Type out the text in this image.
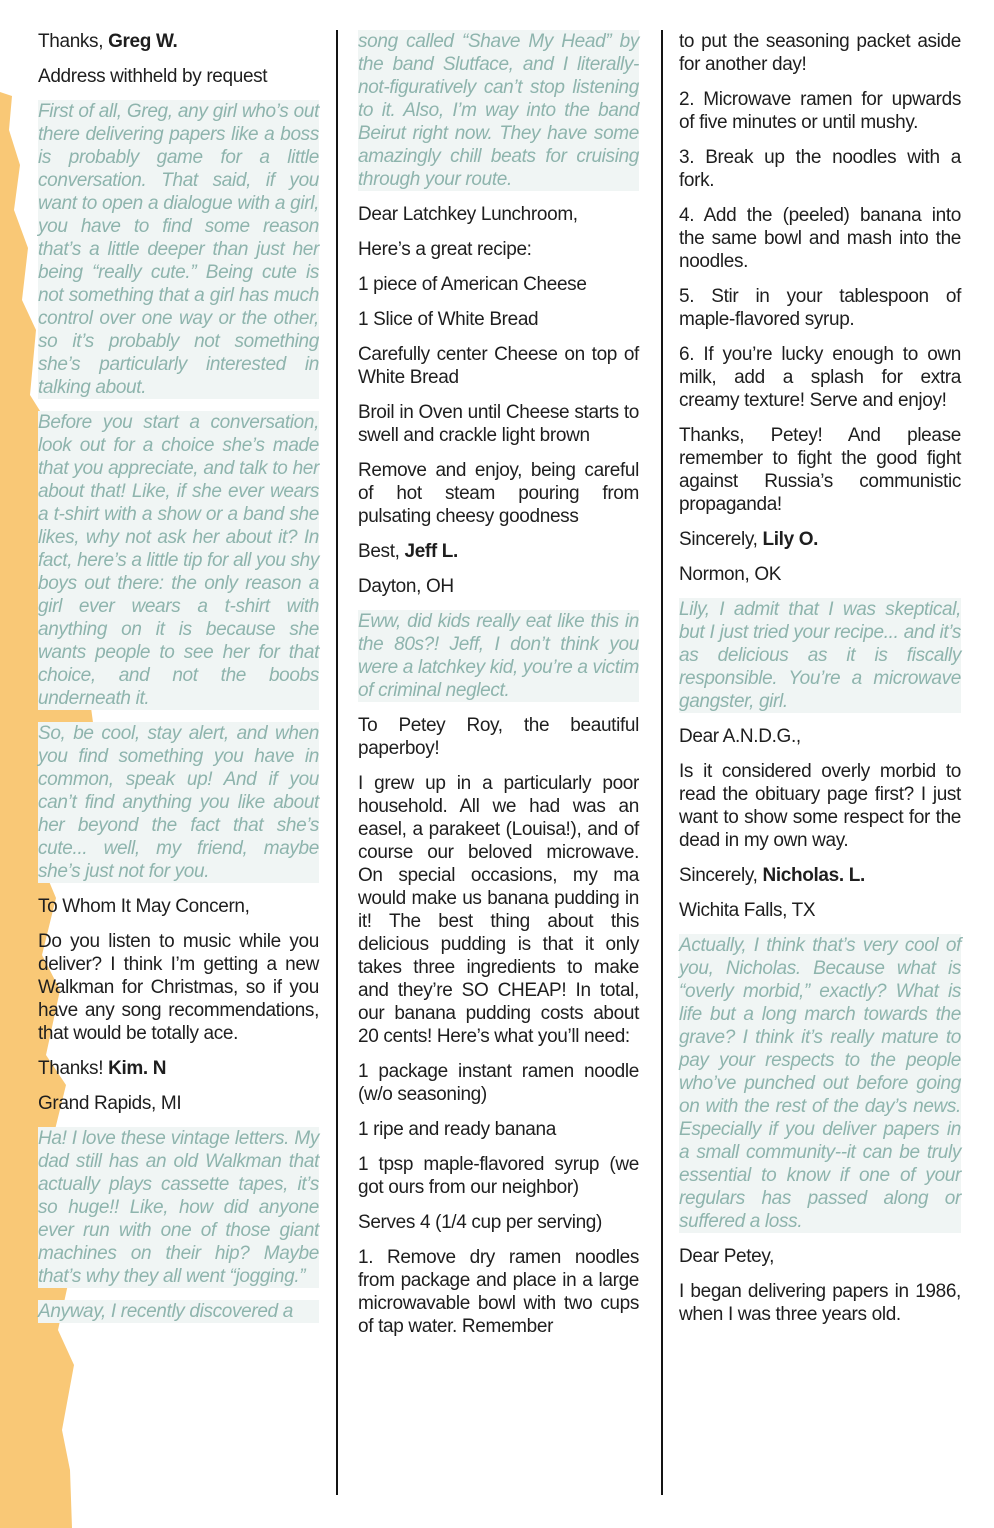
Thanks, Greg W.

Address withheld by request

First of all, Greg, any girl who’s out there delivering papers like a boss is probably game for a little conversation. That said, if you want to open a dialogue with a girl, you have to find some reason that’s a little deeper than just her being “really cute.” Being cute is not something that a girl has much control over one way or the other, so it’s probably not something she’s particularly interested in talking about.

Before you start a conversation, look out for a choice she’s made that you appreciate, and talk to her about that! Like, if she ever wears a t-shirt with a show or a band she likes, why not ask her about it? In fact, here’s a little tip for all you shy boys out there: the only reason a girl ever wears a t-shirt with anything on it is because she wants people to see her for that choice, and not the boobs underneath it.

So, be cool, stay alert, and when you find something you have in common, speak up! And if you can’t find anything you like about her beyond the fact that she’s cute... well, my friend, maybe she’s just not for you.

To Whom It May Concern,

Do you listen to music while you deliver? I think I’m getting a new Walkman for Christmas, so if you have any song recommendations, that would be totally ace.

Thanks! Kim. N

Grand Rapids, MI

Ha! I love these vintage letters. My dad still has an old Walkman that actually plays cassette tapes, it’s so huge!! Like, how did anyone ever run with one of those giant machines on their hip? Maybe that’s why they all went “jogging.”

Anyway, I recently discovered a

song called “Shave My Head” by the band Slutface, and I literally-not-figuratively can’t stop listening to it. Also, I’m way into the band Beirut right now. They have some amazingly chill beats for cruising through your route.

Dear Latchkey Lunchroom,

Here’s a great recipe:

1 piece of American Cheese

1 Slice of White Bread

Carefully center Cheese on top of White Bread

Broil in Oven until Cheese starts to swell and crackle light brown

Remove and enjoy, being careful of hot steam pouring from pulsating cheesy goodness

Best, Jeff L.

Dayton, OH

Eww, did kids really eat like this in the 80s?! Jeff, I don’t think you were a latchkey kid, you’re a victim of criminal neglect.

To Petey Roy, the beautiful paperboy!

I grew up in a particularly poor household. All we had was an easel, a parakeet (Louisa!), and of course our beloved microwave. On special occasions, my ma would make us banana pudding in it! The best thing about this delicious pudding is that it only takes three ingredients to make and they’re SO CHEAP! In total, our banana pudding costs about 20 cents! Here’s what you’ll need:

1 package instant ramen noodle (w/o seasoning)

1 ripe and ready banana

1 tpsp maple-flavored syrup (we got ours from our neighbor)

Serves 4 (1/4 cup per serving)

1. Remove dry ramen noodles from package and place in a large microwavable bowl with two cups of tap water. Remember

to put the seasoning packet aside for another day!

2. Microwave ramen for upwards of five minutes or until mushy.

3. Break up the noodles with a fork.

4. Add the (peeled) banana into the same bowl and mash into the noodles.

5. Stir in your tablespoon of maple-flavored syrup.

6. If you’re lucky enough to own milk, add a splash for extra creamy texture! Serve and enjoy!

Thanks, Petey! And please remember to fight the good fight against Russia’s communistic propaganda!

Sincerely, Lily O.

Normon, OK

Lily, I admit that I was skeptical, but I just tried your recipe... and it’s as delicious as it is fiscally responsible. You’re a microwave gangster, girl.

Dear A.N.D.G.,

Is it considered overly morbid to read the obituary page first? I just want to show some respect for the dead in my own way.

Sincerely, Nicholas. L.

Wichita Falls, TX

Actually, I think that’s very cool of you, Nicholas. Because what is “overly morbid,” exactly? What is life but a long march towards the grave? I think it’s really mature to pay your respects to the people who’ve punched out before going on with the rest of the day’s news. Especially if you deliver papers in a small community--it can be truly essential to know if one of your regulars has passed along or suffered a loss.

Dear Petey,

I began delivering papers in 1986, when I was three years old.
